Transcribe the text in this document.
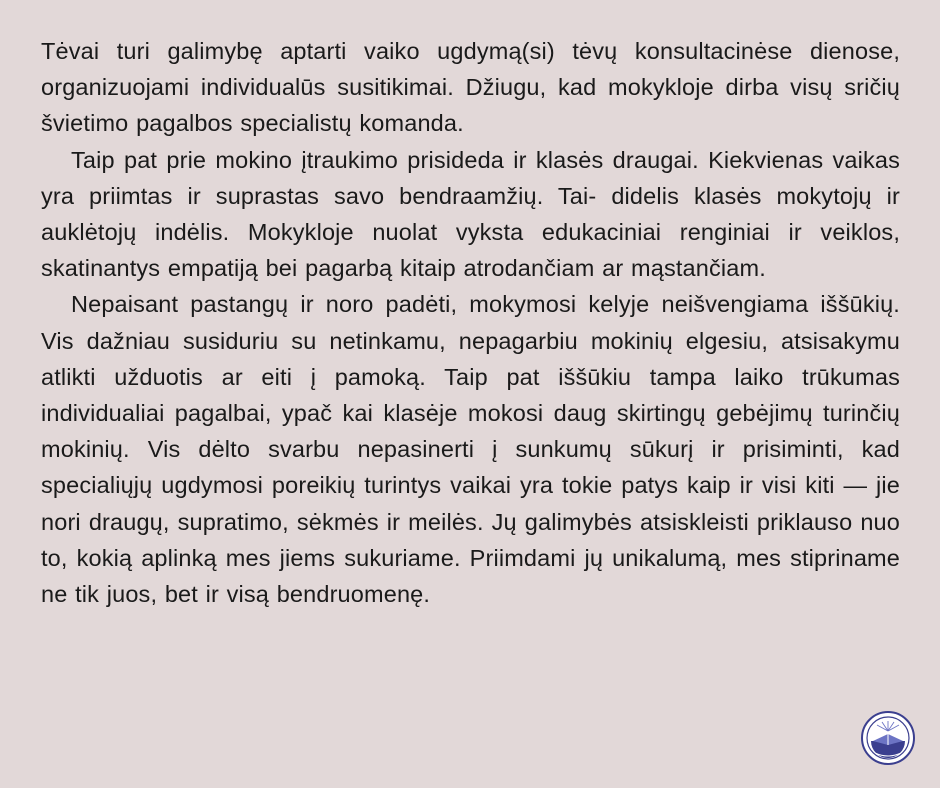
Tėvai turi galimybę aptarti vaiko ugdymą(si) tėvų konsultacinėse dienose, organizuojami individualūs susitikimai. Džiugu, kad mokykloje dirba visų sričių švietimo pagalbos specialistų komanda.

Taip pat prie mokino įtraukimo prisideda ir klasės draugai. Kiekvienas vaikas yra priimtas ir suprastas savo bendraamžių. Tai- didelis klasės mokytojų ir auklėtojų indėlis. Mokykloje nuolat vyksta edukaciniai renginiai ir veiklos, skatinantys empatiją bei pagarbą kitaip atrodančiam ar mąstančiam.

Nepaisant pastangų ir noro padėti, mokymosi kelyje neišvengiama iššūkių. Vis dažniau susiduriu su netinkamu, nepagarbiu mokinių elgesiu, atsisakymu atlikti užduotis ar eiti į pamoką. Taip pat iššūkiu tampa laiko trūkumas individualiai pagalbai, ypač kai klasėje mokosi daug skirtingų gebėjimų turinčių mokinių. Vis dėlto svarbu nepasinerti į sunkumų sūkurį ir prisiminti, kad specialiųjų ugdymosi poreikių turintys vaikai yra tokie patys kaip ir visi kiti — jie nori draugų, supratimo, sėkmės ir meilės. Jų galimybės atsiskleisti priklauso nuo to, kokią aplinką mes jiems sukuriame. Priimdami jų unikalumą, mes stipriname ne tik juos, bet ir visą bendruomenę.
